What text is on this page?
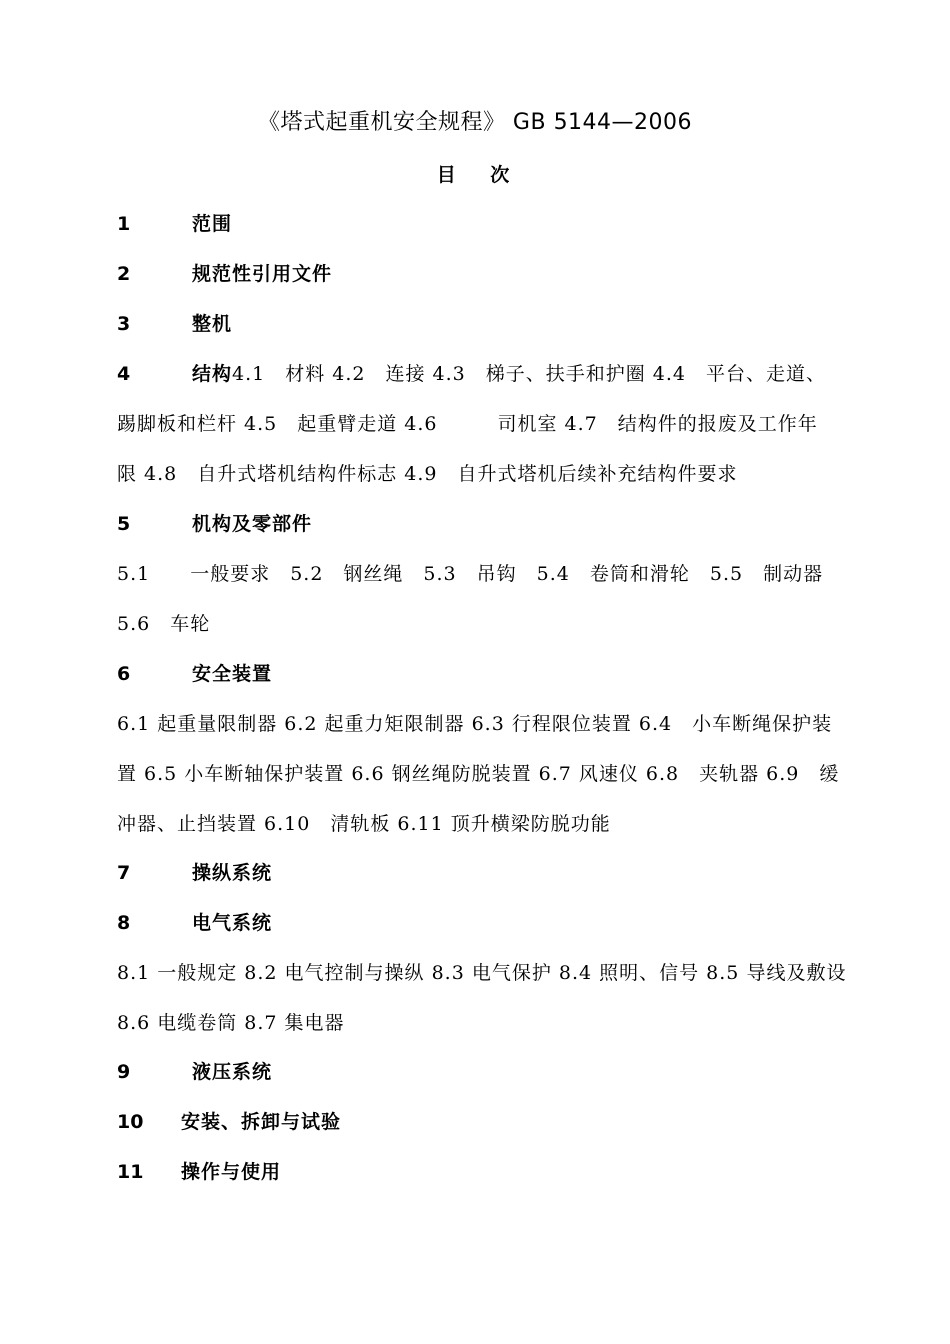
《塔式起重机安全规程》 GB 5144—2006
目 次
1	范围
2	规范性引用文件
3	整机
4	结构4.1　材料 4.2　连接 4.3　梯子、扶手和护圈 4.4　平台、走道、
踢脚板和栏杆 4.5　起重臂走道 4.6　　　司机室 4.7　结构件的报废及工作年
限 4.8　自升式塔机结构件标志 4.9　自升式塔机后续补充结构件要求
5	机构及零部件
5.1　　一般要求　5.2　钢丝绳　5.3　吊钩　5.4　卷筒和滑轮　5.5　制动器
5.6　车轮
6	安全装置
6.1 起重量限制器 6.2 起重力矩限制器 6.3 行程限位装置 6.4　小车断绳保护装
置 6.5 小车断轴保护装置 6.6 钢丝绳防脱装置 6.7 风速仪 6.8　夹轨器 6.9　缓
冲器、止挡装置 6.10　清轨板 6.11 顶升横梁防脱功能
7	操纵系统
8	电气系统
8.1 一般规定 8.2 电气控制与操纵 8.3 电气保护 8.4 照明、信号 8.5 导线及敷设
8.6 电缆卷筒 8.7 集电器
9	液压系统
10 安装、拆卸与试验
11 操作与使用
